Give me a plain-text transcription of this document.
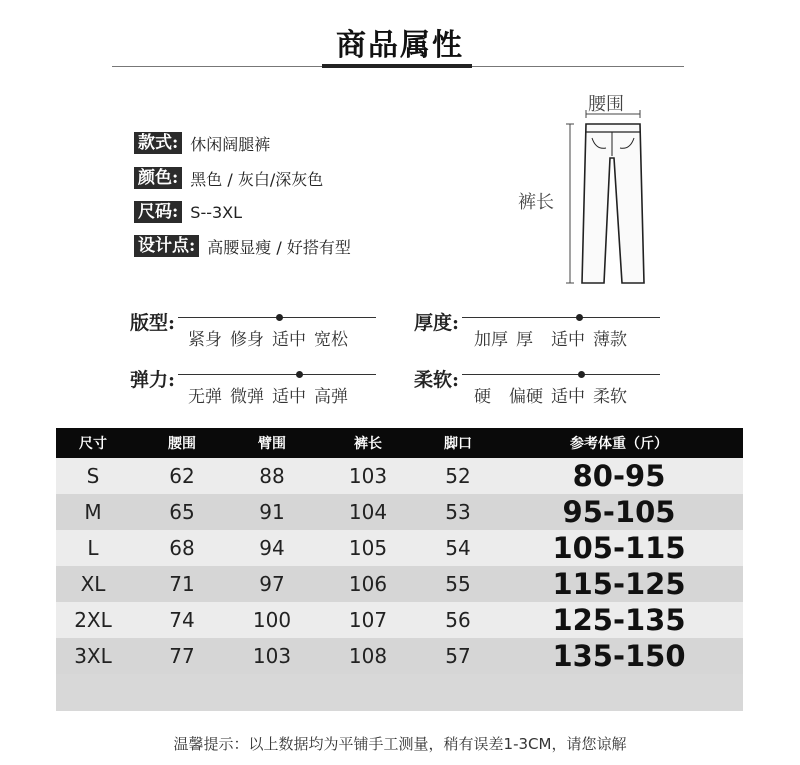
商品属性
款式: 休闲阔腿裤
颜色: 黑色 / 灰白/深灰色
尺码: S--3XL
设计点: 高腰显瘦 / 好搭有型
腰围
裤长
版型:
紧身 修身 适中 宽松
厚度:
加厚 厚 适中 薄款
弹力:
无弹 微弹 适中 高弹
柔软:
硬 偏硬 适中 柔软
尺寸	腰围	臂围	裤长	脚口	参考体重（斤）
S	62	88	103	52	80-95
M	65	91	104	53	95-105
L	68	94	105	54	105-115
XL	71	97	106	55	115-125
2XL	74	100	107	56	125-135
3XL	77	103	108	57	135-150
温馨提示：以上数据均为平铺手工测量，稍有误差1-3CM，请您谅解
